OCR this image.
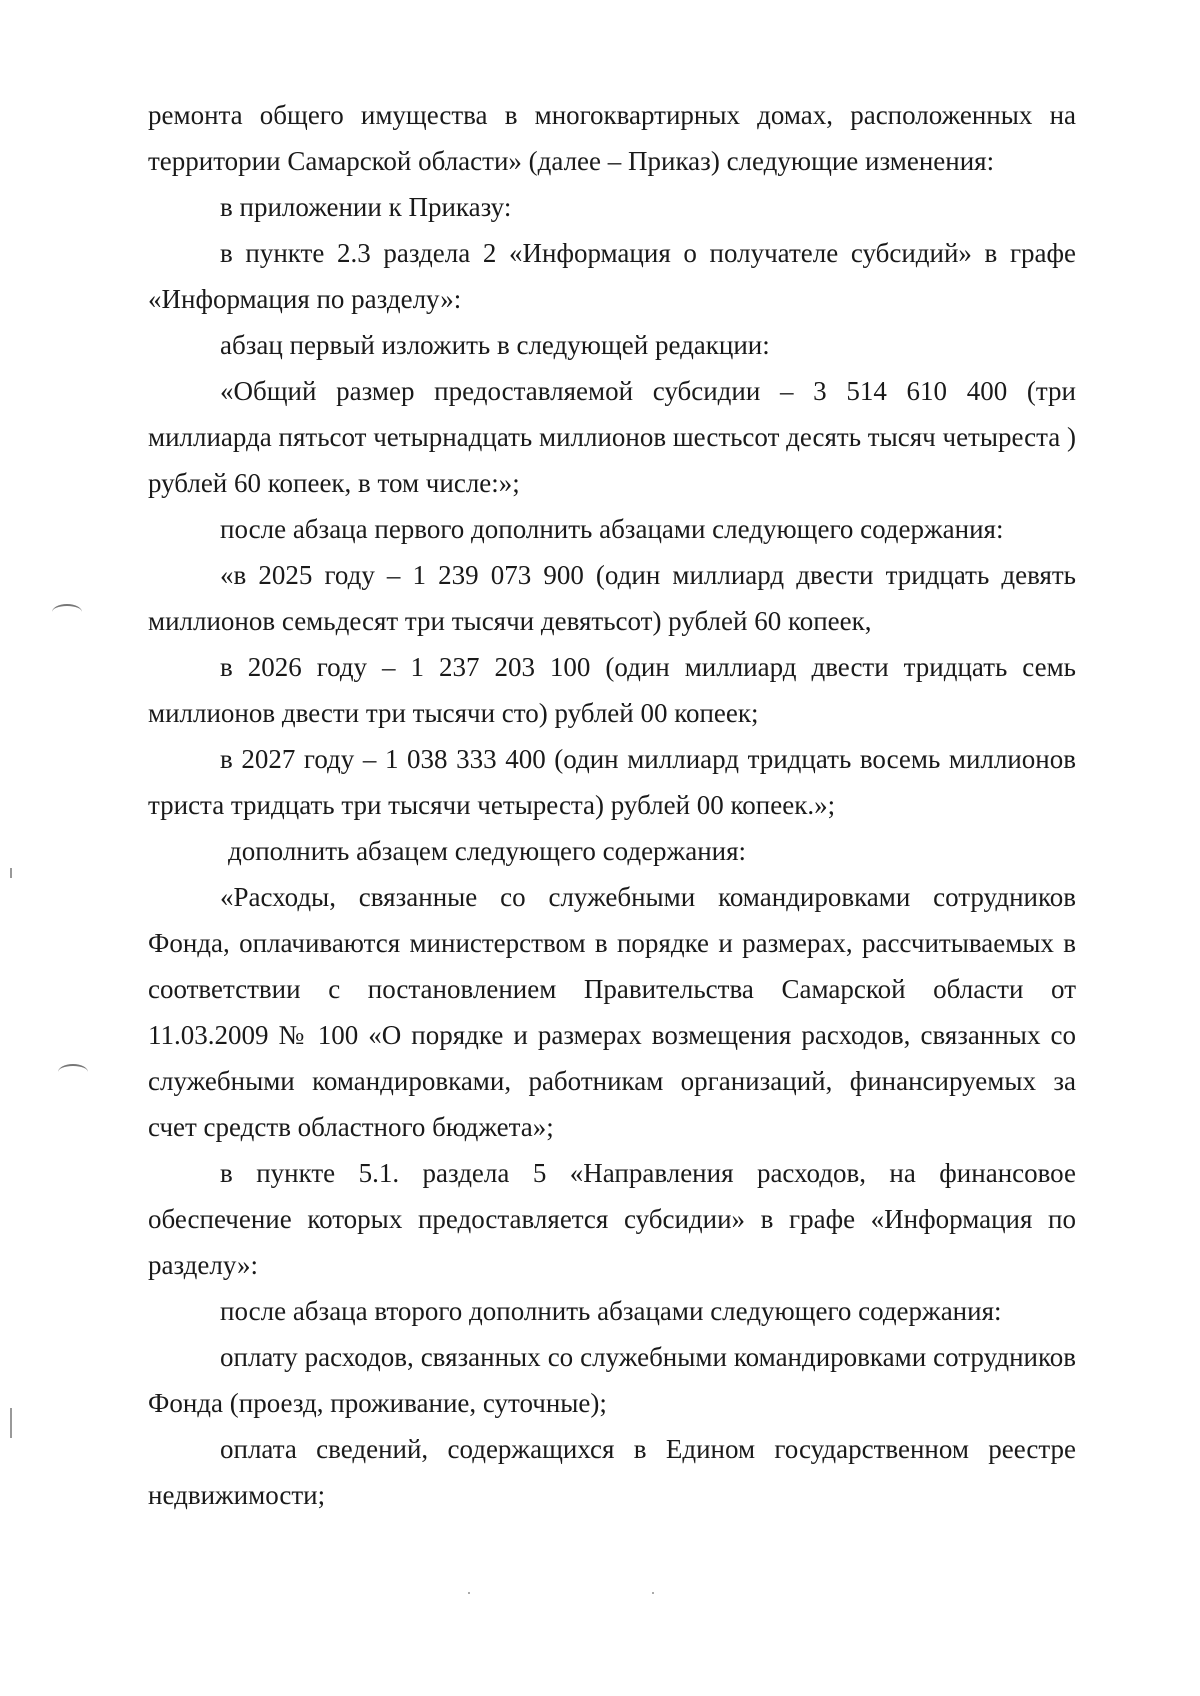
ремонта общего имущества в многоквартирных домах, расположенных на территории Самарской области» (далее – Приказ) следующие изменения:

в приложении к Приказу:

в пункте 2.3 раздела 2 «Информация о получателе субсидий» в графе «Информация по разделу»:

абзац первый изложить в следующей редакции:

«Общий размер предоставляемой субсидии – 3 514 610 400 (три миллиарда пятьсот четырнадцать миллионов шестьсот десять тысяч четыреста ) рублей 60 копеек, в том числе:»;

после абзаца первого дополнить абзацами следующего содержания:

«в 2025 году – 1 239 073 900 (один миллиард двести тридцать девять миллионов семьдесят три тысячи девятьсот) рублей 60 копеек,

в 2026 году – 1 237 203 100 (один миллиард двести тридцать семь миллионов двести три тысячи сто) рублей 00 копеек;

в 2027 году – 1 038 333 400 (один миллиард тридцать восемь миллионов триста тридцать три тысячи четыреста) рублей 00 копеек.»;

дополнить абзацем следующего содержания:

«Расходы, связанные со служебными командировками сотрудников Фонда, оплачиваются министерством в порядке и размерах, рассчитываемых в соответствии с постановлением Правительства Самарской области от 11.03.2009 № 100 «О порядке и размерах возмещения расходов, связанных со служебными командировками, работникам организаций, финансируемых за счет средств областного бюджета»;

в пункте 5.1. раздела 5 «Направления расходов, на финансовое обеспечение которых предоставляется субсидии» в графе «Информация по разделу»:

после абзаца второго дополнить абзацами следующего содержания:

оплату расходов, связанных со служебными командировками сотрудников Фонда (проезд, проживание, суточные);

оплата сведений, содержащихся в Едином государственном реестре недвижимости;
